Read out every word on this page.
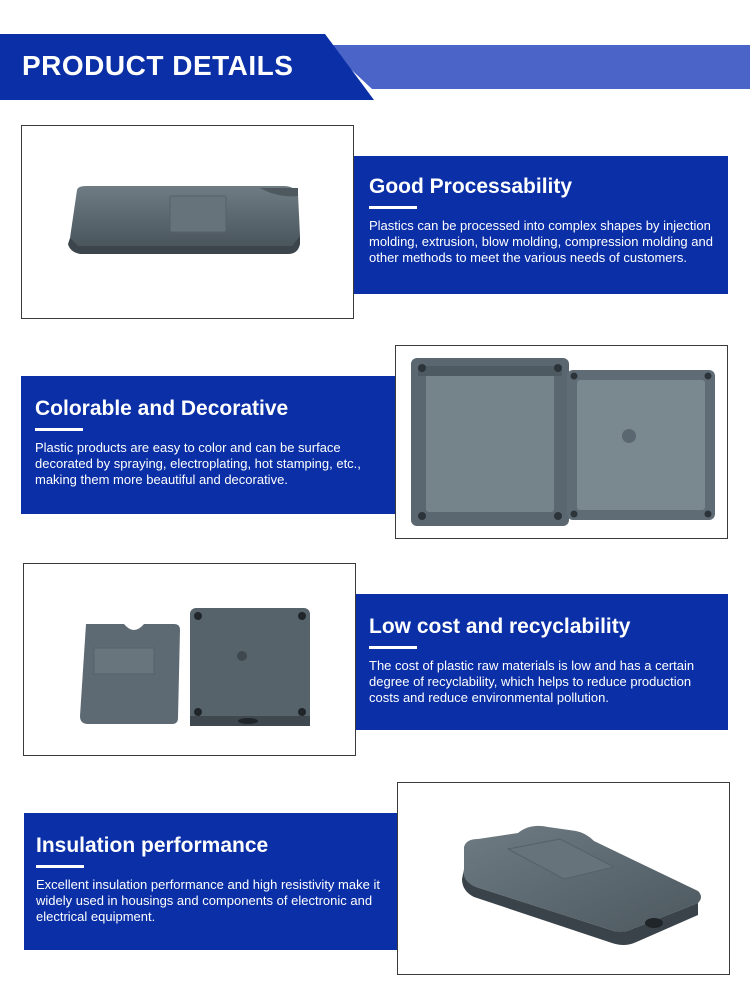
PRODUCT DETAILS
Good Processability

Plastics can be processed into complex shapes by injection molding, extrusion, blow molding, compression molding and other methods to meet the various needs of customers.

Colorable and Decorative

Plastic products are easy to color and can be surface decorated by spraying, electroplating, hot stamping, etc., making them more beautiful and decorative.

Low cost and recyclability

The cost of plastic raw materials is low and has a certain degree of recyclability, which helps to reduce production costs and reduce environmental pollution.

Insulation performance

Excellent insulation performance and high resistivity make it widely used in housings and components of electronic and electrical equipment.
